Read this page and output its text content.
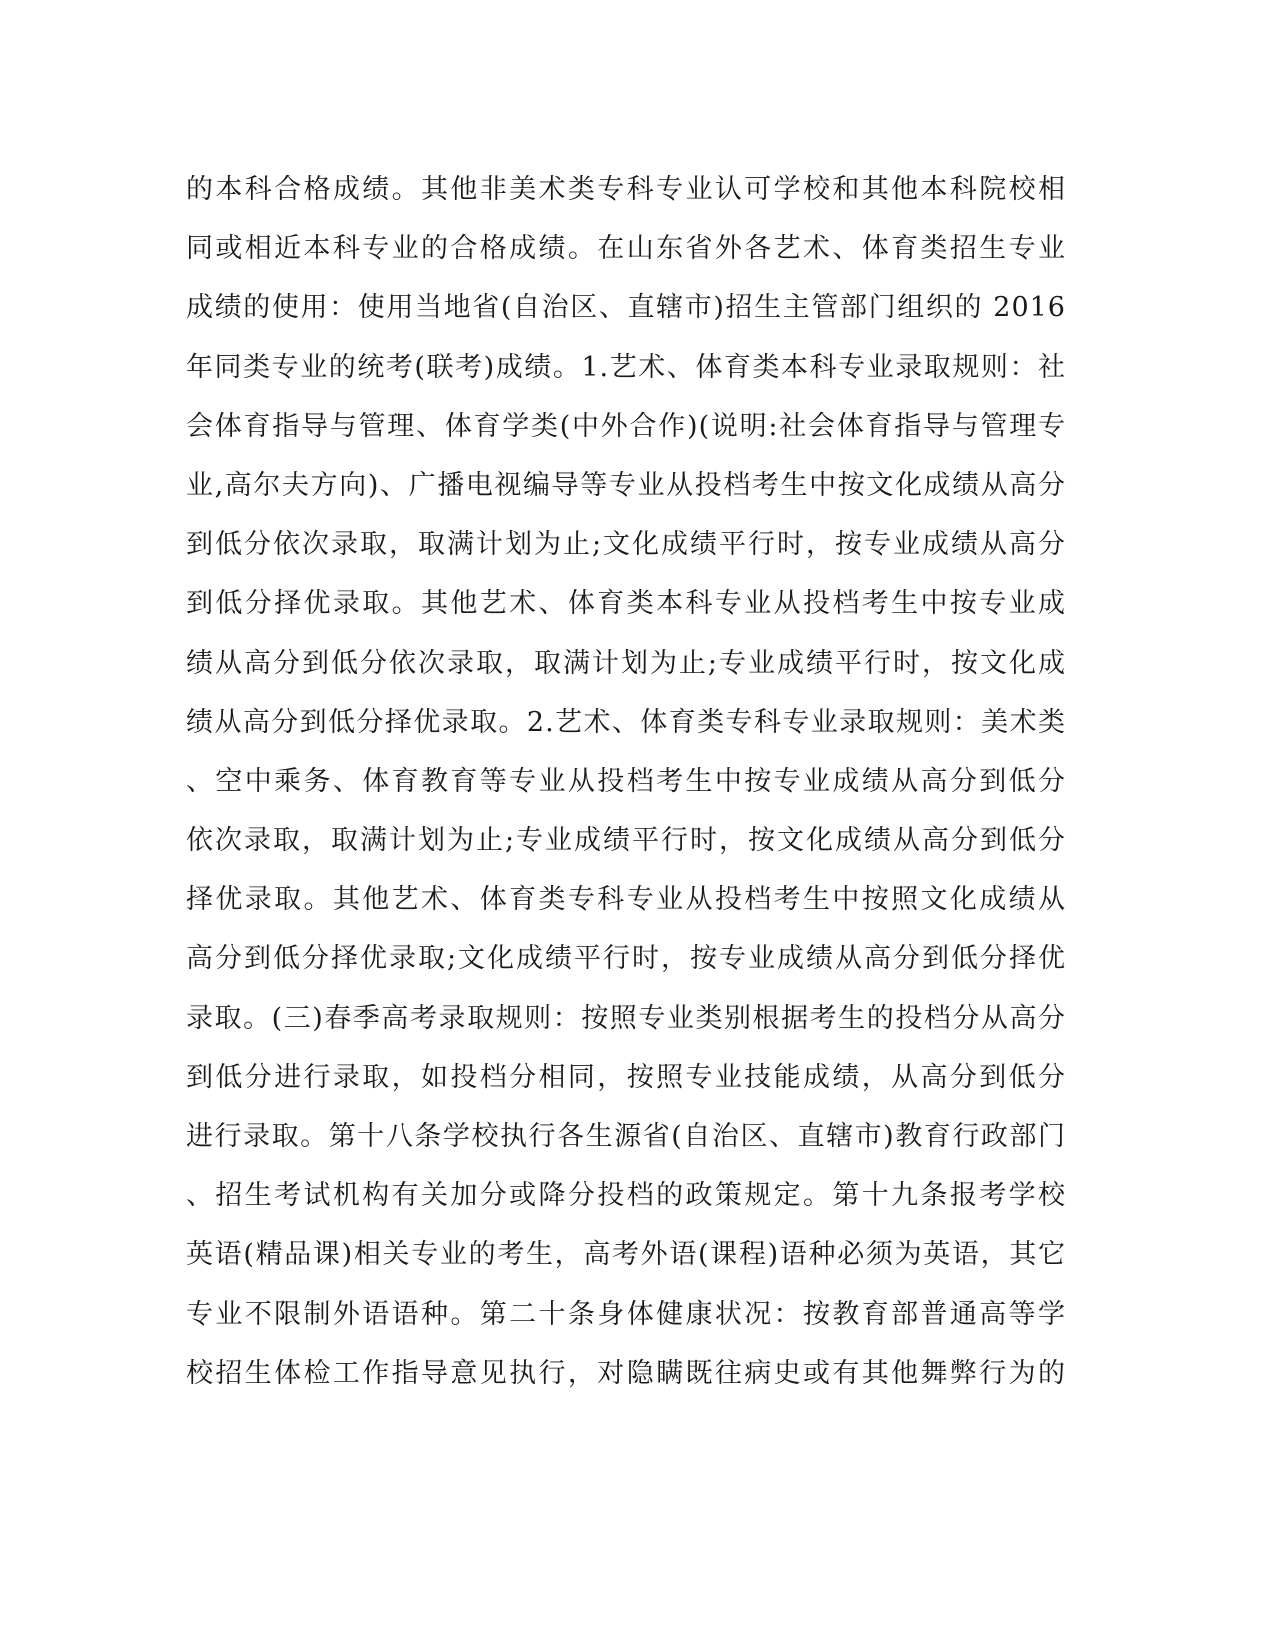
的本科合格成绩。其他非美术类专科专业认可学校和其他本科院校相
同或相近本科专业的合格成绩。在山东省外各艺术、体育类招生专业
成绩的使用：使用当地省(自治区、直辖市)招生主管部门组织的 2016
年同类专业的统考(联考)成绩。1.艺术、体育类本科专业录取规则：社
会体育指导与管理、体育学类(中外合作)(说明:社会体育指导与管理专
业,高尔夫方向)、广播电视编导等专业从投档考生中按文化成绩从高分
到低分依次录取，取满计划为止;文化成绩平行时，按专业成绩从高分
到低分择优录取。其他艺术、体育类本科专业从投档考生中按专业成
绩从高分到低分依次录取，取满计划为止;专业成绩平行时，按文化成
绩从高分到低分择优录取。2.艺术、体育类专科专业录取规则：美术类
、空中乘务、体育教育等专业从投档考生中按专业成绩从高分到低分
依次录取，取满计划为止;专业成绩平行时，按文化成绩从高分到低分
择优录取。其他艺术、体育类专科专业从投档考生中按照文化成绩从
高分到低分择优录取;文化成绩平行时，按专业成绩从高分到低分择优
录取。(三)春季高考录取规则：按照专业类别根据考生的投档分从高分
到低分进行录取，如投档分相同，按照专业技能成绩，从高分到低分
进行录取。第十八条学校执行各生源省(自治区、直辖市)教育行政部门
、招生考试机构有关加分或降分投档的政策规定。第十九条报考学校
英语(精品课)相关专业的考生，高考外语(课程)语种必须为英语，其它
专业不限制外语语种。第二十条身体健康状况：按教育部普通高等学
校招生体检工作指导意见执行，对隐瞒既往病史或有其他舞弊行为的
